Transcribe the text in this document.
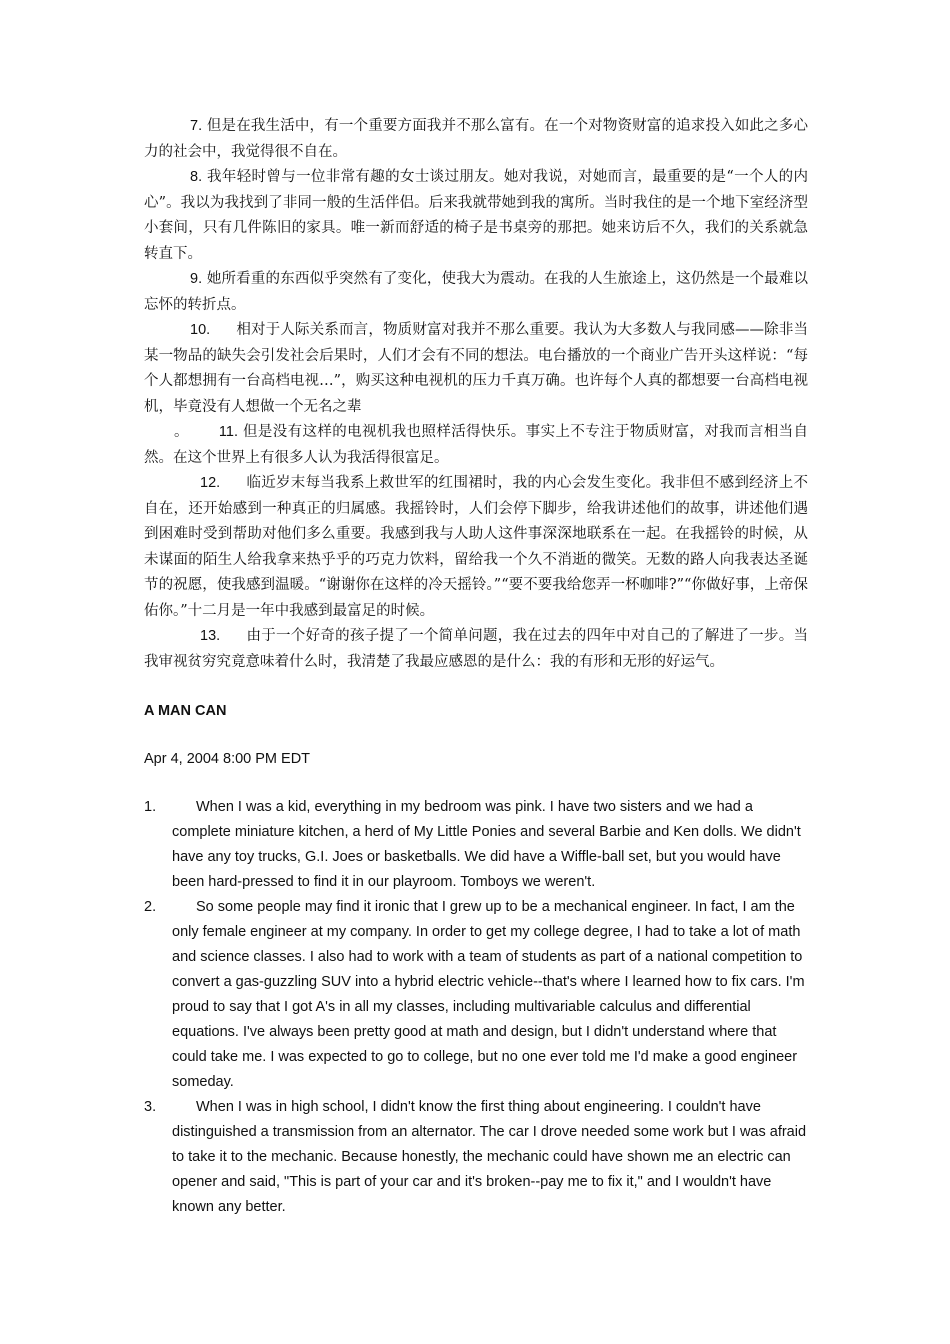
7. 但是在我生活中，有一个重要方面我并不那么富有。在一个对物资财富的追求投入如此之多心力的社会中，我觉得很不自在。

8. 我年轻时曾与一位非常有趣的女士谈过朋友。她对我说，对她而言，最重要的是“一个人的内心”。我以为我找到了非同一般的生活伴侣。后来我就带她到我的寓所。当时我住的是一个地下室经济型小套间，只有几件陈旧的家具。唯一新而舒适的椅子是书桌旁的那把。她来访后不久，我们的关系就急转直下。

9. 她所看重的东西似乎突然有了变化，使我大为震动。在我的人生旅途上，这仍然是一个最难以忘怀的转折点。

10. 相对于人际关系而言，物质财富对我并不那么重要。我认为大多数人与我同感——除非当某一物品的缺失会引发社会后果时，人们才会有不同的想法。电台播放的一个商业广告开头这样说：“每个人都想拥有一台高档电视…”，购买这种电视机的压力千真万确。也许每个人真的都想要一台高档电视机，毕竟没有人想做一个无名之辈

。 11. 但是没有这样的电视机我也照样活得快乐。事实上不专注于物质财富，对我而言相当自然。在这个世界上有很多人认为我活得很富足。

12. 临近岁末每当我系上救世军的红围裙时，我的内心会发生变化。我非但不感到经济上不自在，还开始感到一种真正的归属感。我摇铃时，人们会停下脚步，给我讲述他们的故事，讲述他们遇到困难时受到帮助对他们多么重要。我感到我与人助人这件事深深地联系在一起。在我摇铃的时候，从未谋面的陌生人给我拿来热乎乎的巧克力饮料，留给我一个久不消逝的微笑。无数的路人向我表达圣诞节的祝愿，使我感到温暖。“谢谢你在这样的冷天摇铃。”“要不要我给您弄一杯咖啡?”“你做好事，上帝保佑你。”十二月是一年中我感到最富足的时候。

13. 由于一个好奇的孩子提了一个简单问题，我在过去的四年中对自己的了解进了一步。当我审视贫穷究竟意味着什么时，我清楚了我最应感恩的是什么：我的有形和无形的好运气。

A MAN CAN
Apr 4, 2004 8:00 PM EDT
1.	When I was a kid, everything in my bedroom was pink. I have two sisters and we had a complete miniature kitchen, a herd of My Little Ponies and several Barbie and Ken dolls. We didn't have any toy trucks, G.I. Joes or basketballs. We did have a Wiffle-ball set, but you would have been hard-pressed to find it in our playroom. Tomboys we weren't.
2.	So some people may find it ironic that I grew up to be a mechanical engineer. In fact, I am the only female engineer at my company. In order to get my college degree, I had to take a lot of math and science classes. I also had to work with a team of students as part of a national competition to convert a gas-guzzling SUV into a hybrid electric vehicle--that's where I learned how to fix cars. I'm proud to say that I got A's in all my classes, including multivariable calculus and differential equations. I've always been pretty good at math and design, but I didn't understand where that could take me. I was expected to go to college, but no one ever told me I'd make a good engineer someday.
3.	When I was in high school, I didn't know the first thing about engineering. I couldn't have distinguished a transmission from an alternator. The car I drove needed some work but I was afraid to take it to the mechanic. Because honestly, the mechanic could have shown me an electric can opener and said, "This is part of your car and it's broken--pay me to fix it," and I wouldn't have known any better.
